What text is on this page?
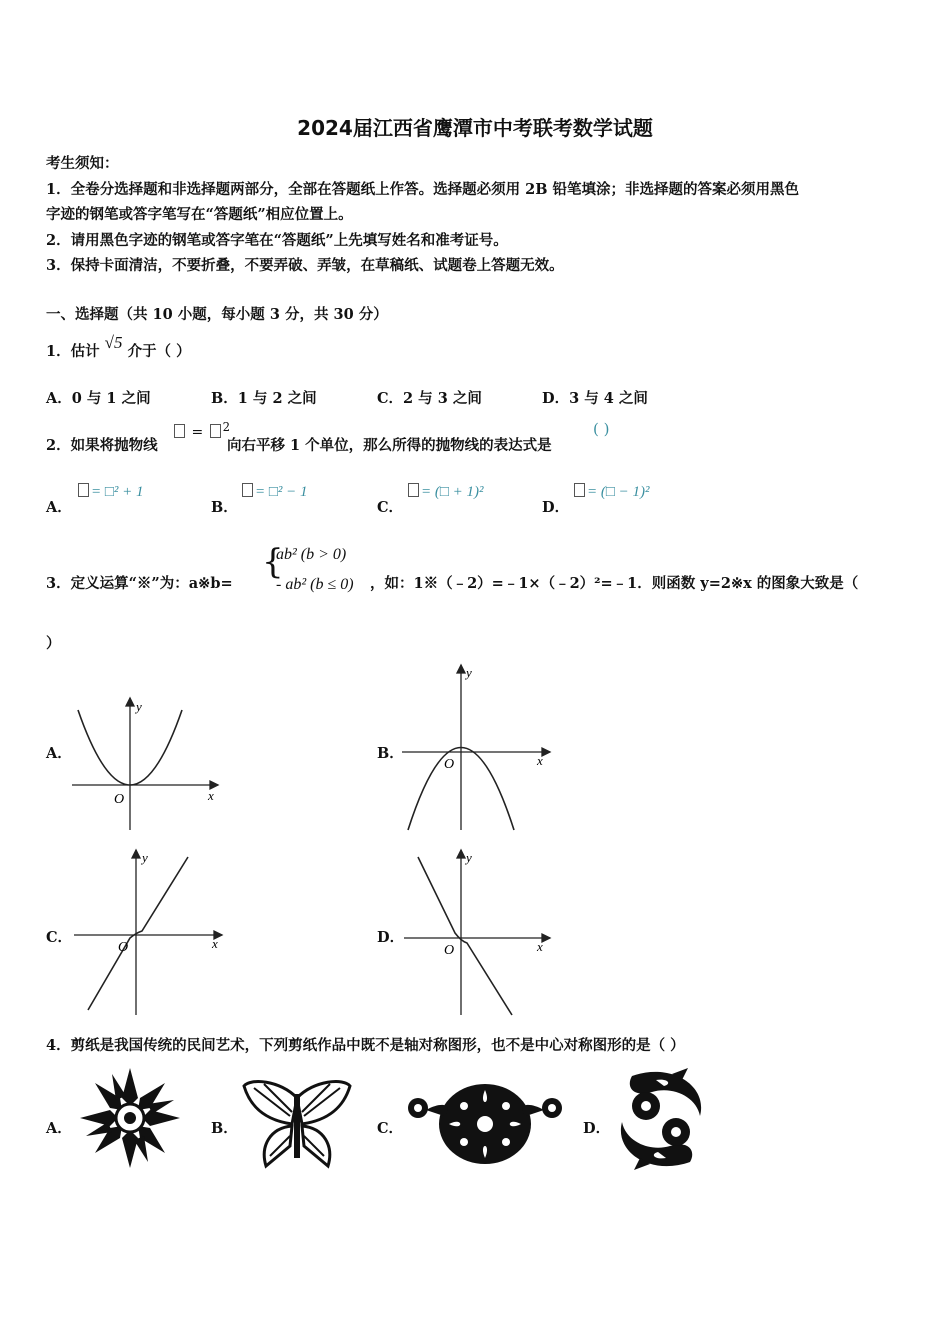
2024届江西省鹰潭市中考联考数学试题
考生须知：
1．全卷分选择题和非选择题两部分，全部在答题纸上作答。选择题必须用 2B 铅笔填涂；非选择题的答案必须用黑色
字迹的钢笔或答字笔写在“答题纸”相应位置上。
2．请用黑色字迹的钢笔或答字笔在“答题纸”上先填写姓名和准考证号。
3．保持卡面清洁，不要折叠，不要弄破、弄皱，在草稿纸、试题卷上答题无效。
一、选择题（共 10 小题，每小题 3 分，共 30 分）
1．估计 √5 介于（ ）
A．0 与 1 之间	B．1 与 2 之间	C．2 与 3 之间	D．3 与 4 之间
2．如果将抛物线
= $^2$
向右平移 1 个单位，那么所得的抛物线的表达式是
( )
A．
= □² + 1
B．
= □² − 1
C．
= (□ + 1)²
D．
= (□ − 1)²
3．定义运算“※”为：a※b=
{
ab² (b > 0)
- ab² (b ≤ 0) ，如：1※（﹣2）=﹣1×（﹣2）²=﹣1．则函数 y=2※x 的图象大致是（
）
A．	B．
C．	D．
y
x
O
y
x
O
y
x
O
y
x
O
4．剪纸是我国传统的民间艺术，下列剪纸作品中既不是轴对称图形，也不是中心对称图形的是（ ）
A．	B．	C．	D．
